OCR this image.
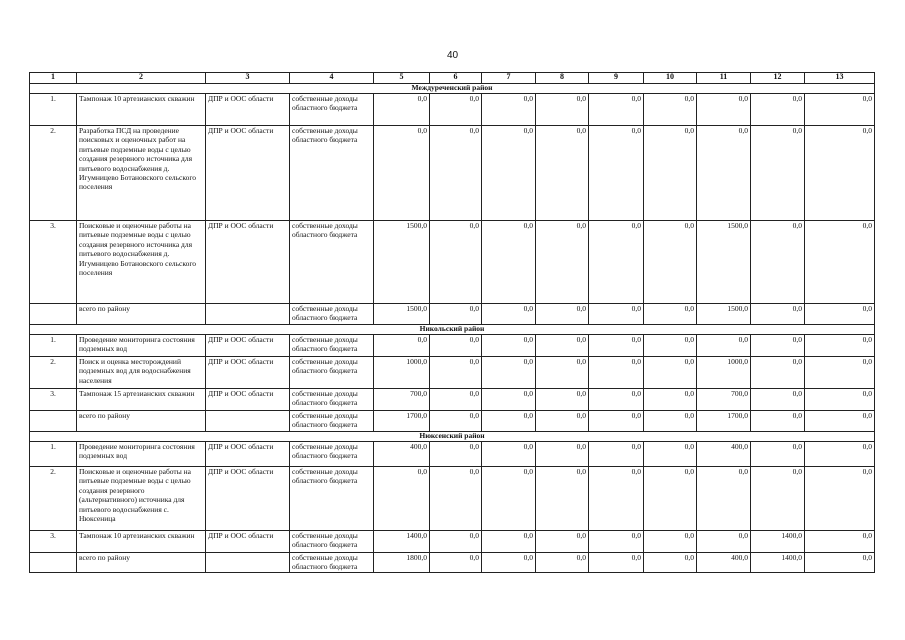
40
1	2	3	4	5	6	7	8	9	10	11	12	13
Междуреченский район												
1.	Тампонаж 10 артезианских скважин	ДПР и ООС области	собственные доходы областного бюджета	0,0	0,0	0,0	0,0	0,0	0,0	0,0	0,0	0,0
2.	Разработка ПСД на проведение поисковых и оценочных работ на питьевые подземные воды с целью создания резервного источника для питьевого водоснабжения д. Игумницево Ботановского сельского поселения	ДПР и ООС области	собственные доходы областного бюджета	0,0	0,0	0,0	0,0	0,0	0,0	0,0	0,0	0,0
3.	Поисковые и оценочные работы на питьевые подземные воды с целью создания резервного источника для питьевого водоснабжения д. Игумницево Ботановского сельского поселения	ДПР и ООС области	собственные доходы областного бюджета	1500,0	0,0	0,0	0,0	0,0	0,0	1500,0	0,0	0,0
	всего по району		собственные доходы областного бюджета	1500,0	0,0	0,0	0,0	0,0	0,0	1500,0	0,0	0,0
Никольский район												
1.	Проведение мониторинга состояния подземных вод	ДПР и ООС области	собственные доходы областного бюджета	0,0	0,0	0,0	0,0	0,0	0,0	0,0	0,0	0,0
2.	Поиск и оценка месторождений подземных вод для водоснабжения населения	ДПР и ООС области	собственные доходы областного бюджета	1000,0	0,0	0,0	0,0	0,0	0,0	1000,0	0,0	0,0
3.	Тампонаж 15 артезианских скважин	ДПР и ООС области	собственные доходы областного бюджета	700,0	0,0	0,0	0,0	0,0	0,0	700,0	0,0	0,0
	всего по району		собственные доходы областного бюджета	1700,0	0,0	0,0	0,0	0,0	0,0	1700,0	0,0	0,0
Нюксенский район												
1.	Проведение мониторинга состояния подземных вод	ДПР и ООС области	собственные доходы областного бюджета	400,0	0,0	0,0	0,0	0,0	0,0	400,0	0,0	0,0
2.	Поисковые и оценочные работы на питьевые подземные воды с целью создания резервного (альтернативного) источника для питьевого водоснабжения с. Нюксеница	ДПР и ООС области	собственные доходы областного бюджета	0,0	0,0	0,0	0,0	0,0	0,0	0,0	0,0	0,0
3.	Тампонаж 10 артезианских скважин	ДПР и ООС области	собственные доходы областного бюджета	1400,0	0,0	0,0	0,0	0,0	0,0	0,0	1400,0	0,0
	всего по району		собственные доходы областного бюджета	1800,0	0,0	0,0	0,0	0,0	0,0	400,0	1400,0	0,0
